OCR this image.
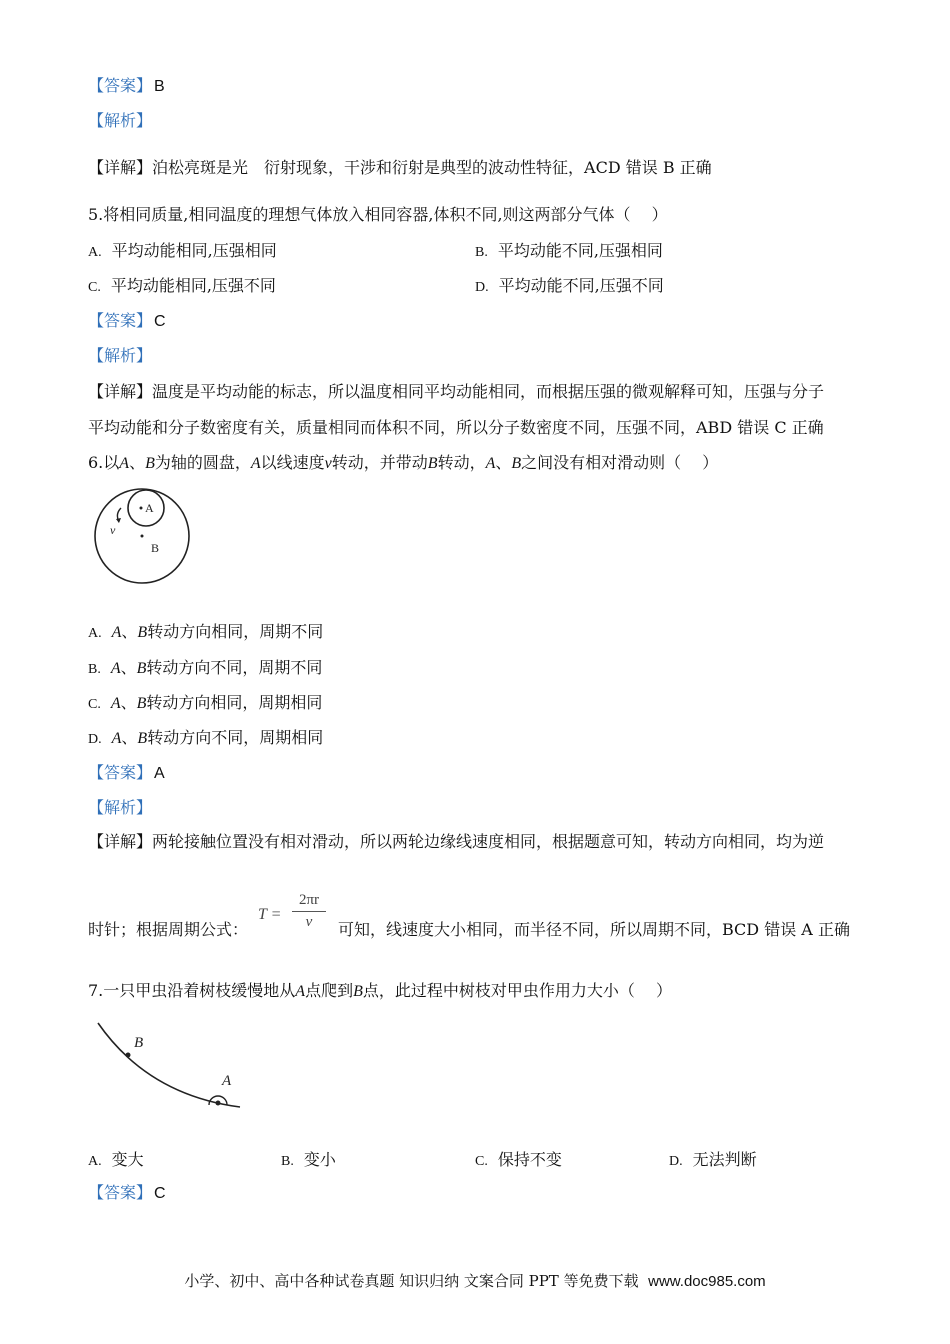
【答案】 B
【解析】
【详解】泊松亮斑是光　衍射现象，干涉和衍射是典型的波动性特征，ACD 错误 B 正确
5.将相同质量,相同温度的理想气体放入相同容器,体积不同,则这两部分气体（　 ）
A. 平均动能相同,压强相同	B. 平均动能不同,压强相同
C. 平均动能相同,压强不同	D. 平均动能不同,压强不同
【答案】 C
【解析】
【详解】温度是平均动能的标志，所以温度相同平均动能相同，而根据压强的微观解释可知，压强与分子
平均动能和分子数密度有关，质量相同而体积不同，所以分子数密度不同，压强不同，ABD 错误 C 正确
6.以A、B为轴的圆盘，A以线速度v转动，并带动B转动，A、B之间没有相对滑动则（　 ）
A
B
v
A. A、B转动方向相同，周期不同
B. A、B转动方向不同，周期不同
C. A、B转动方向相同，周期相同
D. A、B转动方向不同，周期相同
【答案】 A
【解析】
【详解】两轮接触位置没有相对滑动，所以两轮边缘线速度相同，根据题意可知，转动方向相同，均为逆
时针；根据周期公式：
T =
2πr
v	可知，线速度大小相同，而半径不同，所以周期不同，BCD 错误 A 正确
7.一只甲虫沿着树枝缓慢地从A点爬到B点，此过程中树枝对甲虫作用力大小（　 ）
B
A
A. 变大	B. 变小	C. 保持不变	D. 无法判断
【答案】 C
小学、初中、高中各种试卷真题 知识归纳 文案合同 PPT 等免费下载 www.doc985.com
